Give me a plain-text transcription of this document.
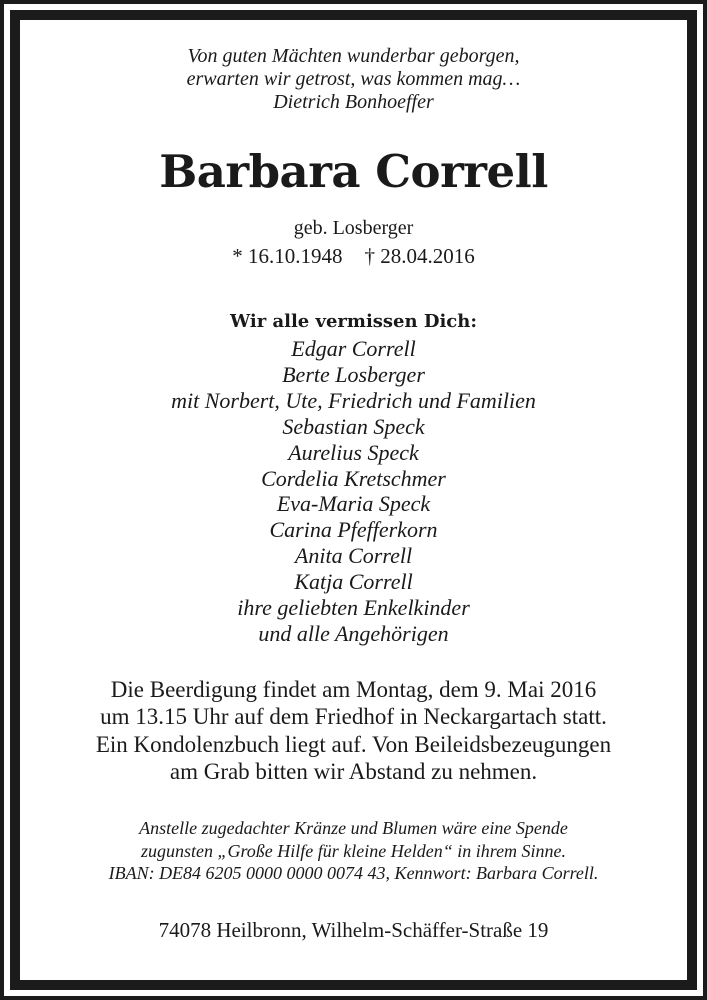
Von guten Mächten wunderbar geborgen,
erwarten wir getrost, was kommen mag…
Dietrich Bonhoeffer
Barbara Correll
geb. Losberger
* 16.10.1948 † 28.04.2016
Wir alle vermissen Dich:
Edgar Correll
Berte Losberger
mit Norbert, Ute, Friedrich und Familien
Sebastian Speck
Aurelius Speck
Cordelia Kretschmer
Eva-Maria Speck
Carina Pfefferkorn
Anita Correll
Katja Correll
ihre geliebten Enkelkinder
und alle Angehörigen
Die Beerdigung findet am Montag, dem 9. Mai 2016
um 13.15 Uhr auf dem Friedhof in Neckargartach statt.
Ein Kondolenzbuch liegt auf. Von Beileidsbezeugungen
am Grab bitten wir Abstand zu nehmen.
Anstelle zugedachter Kränze und Blumen wäre eine Spende
zugunsten „Große Hilfe für kleine Helden“ in ihrem Sinne.
IBAN: DE84 6205 0000 0000 0074 43, Kennwort: Barbara Correll.
74078 Heilbronn, Wilhelm-Schäffer-Straße 19
